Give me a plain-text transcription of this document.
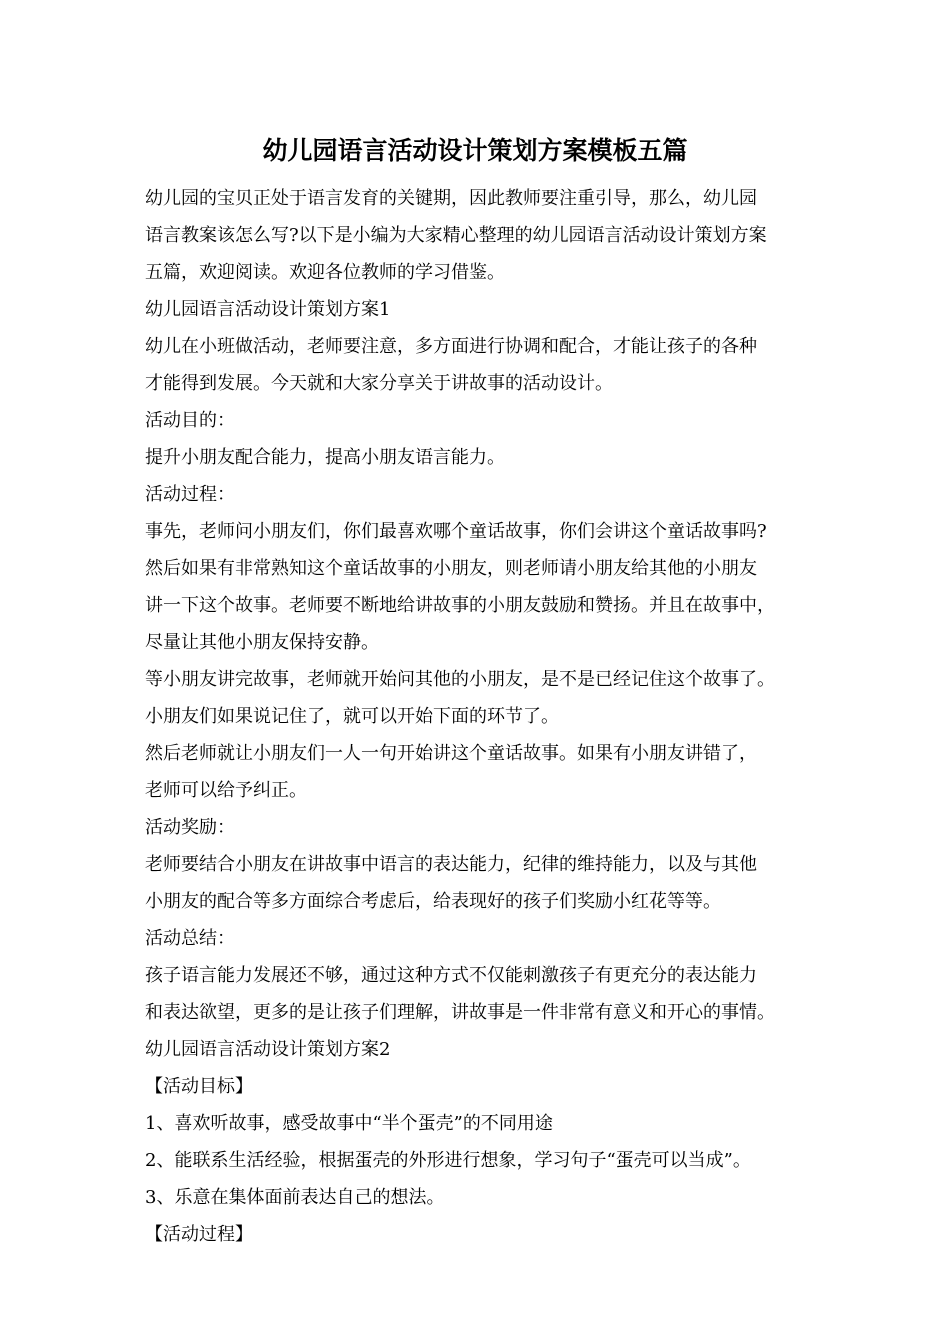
幼儿园语言活动设计策划方案模板五篇

幼儿园的宝贝正处于语言发育的关键期，因此教师要注重引导，那么，幼儿园

语言教案该怎么写?以下是小编为大家精心整理的幼儿园语言活动设计策划方案

五篇，欢迎阅读。欢迎各位教师的学习借鉴。

幼儿园语言活动设计策划方案1

幼儿在小班做活动，老师要注意，多方面进行协调和配合，才能让孩子的各种

才能得到发展。今天就和大家分享关于讲故事的活动设计。

活动目的：

提升小朋友配合能力，提高小朋友语言能力。

活动过程：

事先，老师问小朋友们，你们最喜欢哪个童话故事，你们会讲这个童话故事吗?

然后如果有非常熟知这个童话故事的小朋友，则老师请小朋友给其他的小朋友

讲一下这个故事。老师要不断地给讲故事的小朋友鼓励和赞扬。并且在故事中，

尽量让其他小朋友保持安静。

等小朋友讲完故事，老师就开始问其他的小朋友，是不是已经记住这个故事了。

小朋友们如果说记住了，就可以开始下面的环节了。

然后老师就让小朋友们一人一句开始讲这个童话故事。如果有小朋友讲错了，

老师可以给予纠正。

活动奖励：

老师要结合小朋友在讲故事中语言的表达能力，纪律的维持能力，以及与其他

小朋友的配合等多方面综合考虑后，给表现好的孩子们奖励小红花等等。

活动总结：

孩子语言能力发展还不够，通过这种方式不仅能刺激孩子有更充分的表达能力

和表达欲望，更多的是让孩子们理解，讲故事是一件非常有意义和开心的事情。

幼儿园语言活动设计策划方案2

【活动目标】

1、喜欢听故事，感受故事中“半个蛋壳”的不同用途

2、能联系生活经验，根据蛋壳的外形进行想象，学习句子“蛋壳可以当成”。

3、乐意在集体面前表达自己的想法。

【活动过程】
